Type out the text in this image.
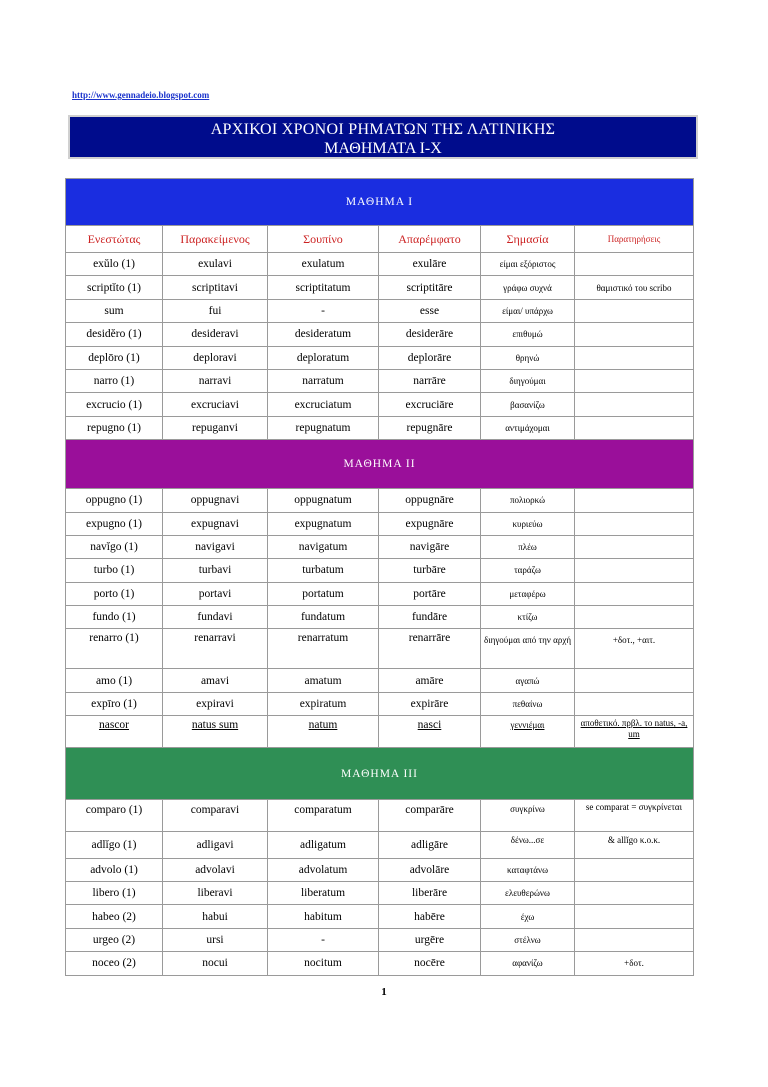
http://www.gennadeio.blogspot.com
ΑΡΧΙΚΟΙ ΧΡΟΝΟΙ ΡΗΜΑΤΩΝ ΤΗΣ ΛΑΤΙΝΙΚΗΣ
ΜΑΘΗΜΑΤΑ Ι-Χ
ΜΑΘΗΜΑ Ι					
Ενεστώτας	Παρακείμενος	Σουπίνο	Απαρέμφατο	Σημασία	Παρατηρήσεις
exŭlo (1)	exulavi	exulatum	exulāre	είμαι εξόριστος	
scriptĭto (1)	scriptitavi	scriptitatum	scriptitāre	γράφω συχνά	θαμιστικό του scribo
sum	fui	-	esse	είμαι/ υπάρχω	
desidĕro (1)	desideravi	desideratum	desiderāre	επιθυμώ	
deplōro (1)	deploravi	deploratum	deplorāre	θρηνώ	
narro (1)	narravi	narratum	narrāre	διηγούμαι	
excrucio (1)	excruciavi	excruciatum	excruciāre	βασανίζω	
repugno (1)	repuganvi	repugnatum	repugnāre	αντιμάχομαι	
ΜΑΘΗΜΑ ΙΙ					
oppugno (1)	oppugnavi	oppugnatum	oppugnāre	πολιορκώ	
expugno (1)	expugnavi	expugnatum	expugnāre	κυριεύω	
navĭgo (1)	navigavi	navigatum	navigāre	πλέω	
turbo (1)	turbavi	turbatum	turbāre	ταράζω	
porto (1)	portavi	portatum	portāre	μεταφέρω	
fundo (1)	fundavi	fundatum	fundāre	κτίζω	
renarro (1)	renarravi	renarratum	renarrāre	διηγούμαι από την αρχή	+δοτ., +αιτ.
amo (1)	amavi	amatum	amāre	αγαπώ	
expīro (1)	expiravi	expiratum	expirāre	πεθαίνω	
nascor	natus sum	natum	nasci	γεννιέμαι	αποθετικό. πρβλ. το natus, -a, um
ΜΑΘΗΜΑ ΙΙΙ					
comparo (1)	comparavi	comparatum	comparāre	συγκρίνω	se comparat = συγκρίνεται
adlĭgo (1)	adligavi	adligatum	adligāre	δένω...σε	& allĭgo κ.ο.κ.
advolo (1)	advolavi	advolatum	advolāre	καταφτάνω	
libero (1)	liberavi	liberatum	liberāre	ελευθερώνω	
habeo (2)	habui	habitum	habēre	έχω	
urgeo (2)	ursi	-	urgēre	στέλνω	
noceo (2)	nocui	nocitum	nocēre	αφανίζω	+δοτ.
1
